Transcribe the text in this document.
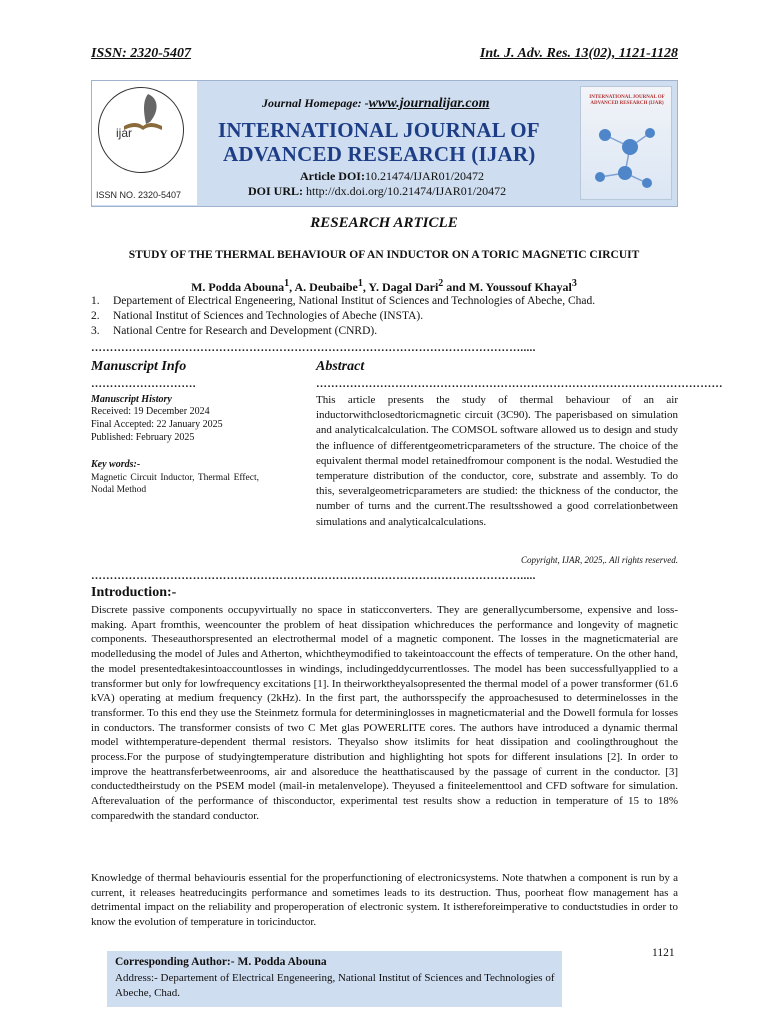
ISSN: 2320-5407	Int. J. Adv. Res. 13(02), 1121-1128
ijar
ISSN NO. 2320-5407
Journal Homepage: -www.journalijar.com
INTERNATIONAL JOURNAL OF
ADVANCED RESEARCH (IJAR)
Article DOI:10.21474/IJAR01/20472
DOI URL: http://dx.doi.org/10.21474/IJAR01/20472
INTERNATIONAL JOURNAL OF ADVANCED RESEARCH (IJAR)
RESEARCH ARTICLE
STUDY OF THE THERMAL BEHAVIOUR OF AN INDUCTOR ON A TORIC MAGNETIC CIRCUIT
M. Podda Abouna$^1$, A. Deubaibe$^1$, Y. Dagal Dari$^2$ and M. Youssouf Khayal$^3$
1. Departement of Electrical Engeneering, National Institut of Sciences and Technologies of Abeche, Chad.
2. National Institut of Sciences and Technologies of Abeche (INSTA).
3. National Centre for Research and Development (CNRD).
…………………………………………………………………………………………………….....
Manuscript Info
……………………….
Manuscript History
Received: 19 December 2024
Final Accepted: 22 January 2025
Published: February 2025
Key words:-
Magnetic Circuit Inductor, Thermal Effect, Nodal Method
Abstract
………………………………………………………………………………………………
This article presents the study of thermal behaviour of an air inductorwithclosedtoricmagnetic circuit (3C90). The paperisbased on simulation and analyticalcalculation. The COMSOL software allowed us to design and study the influence of differentgeometricparameters of the structure. The choice of the equivalent thermal model retainedfromour component is the nodal. Westudied the temperature distribution of the conductor, core, substrate and assembly. To do this, severalgeometricparameters are studied: the thickness of the conductor, the number of turns and the current.The resultsshowed a good correlationbetween simulations and analyticalcalculations.
Copyright, IJAR, 2025,. All rights reserved.
…………………………………………………………………………………………………….....
Introduction:-
Discrete passive components occupyvirtually no space in staticconverters. They are generallycumbersome, expensive and loss-making. Apart fromthis, weencounter the problem of heat dissipation whichreduces the performance and longevity of magnetic components. Theseauthorspresented an electrothermal model of a magnetic component. The losses in the magneticmaterial are modelledusing the model of Jules and Atherton, whichtheymodified to takeintoaccount the effects of temperature. On the other hand, the model presentedtakesintoaccountlosses in windings, includingeddycurrentlosses. The model has been successfullyapplied to a transformer but only for lowfrequency excitations [1]. In theirworktheyalsopresented the thermal model of a power transformer (61.6 kVA) operating at medium frequency (2kHz). In the first part, the authorsspecify the approachesused to determinelosses in the transformer. To this end they use the Steinmetz formula for determininglosses in magneticmaterial and the Dowell formula for losses in conductors. The transformer consists of two C Met glas POWERLITE cores. The authors have introduced a dynamic thermal model withtemperature-dependent thermal resistors. Theyalso show itslimits for heat dissipation and coolingthroughout the process.For the purpose of studyingtemperature distribution and highlighting hot spots for different insulations [2]. In order to improve the heattransferbetweenrooms, air and alsoreduce the heatthatiscaused by the passage of current in the conductor. [3] conductedtheirstudy on the PSEM model (mail-in metalenvelope). Theyused a finiteelementtool and CFD software for simulation. Afterevaluation of the performance of thisconductor, experimental test results show a reduction in temperature of 15 to 18% comparedwith the standard conductor.
Knowledge of thermal behaviouris essential for the properfunctioning of electronicsystems. Note thatwhen a component is run by a current, it releases heatreducingits performance and sometimes leads to its destruction. Thus, poorheat flow management has a detrimental impact on the reliability and properoperation of electronic system. It isthereforeimperative to conductstudies in order to know the evolution of temperature in toricinductor.
Corresponding Author:- M. Podda Abouna
Address:- Departement of Electrical Engeneering, National Institut of Sciences and Technologies of Abeche, Chad.
1121
